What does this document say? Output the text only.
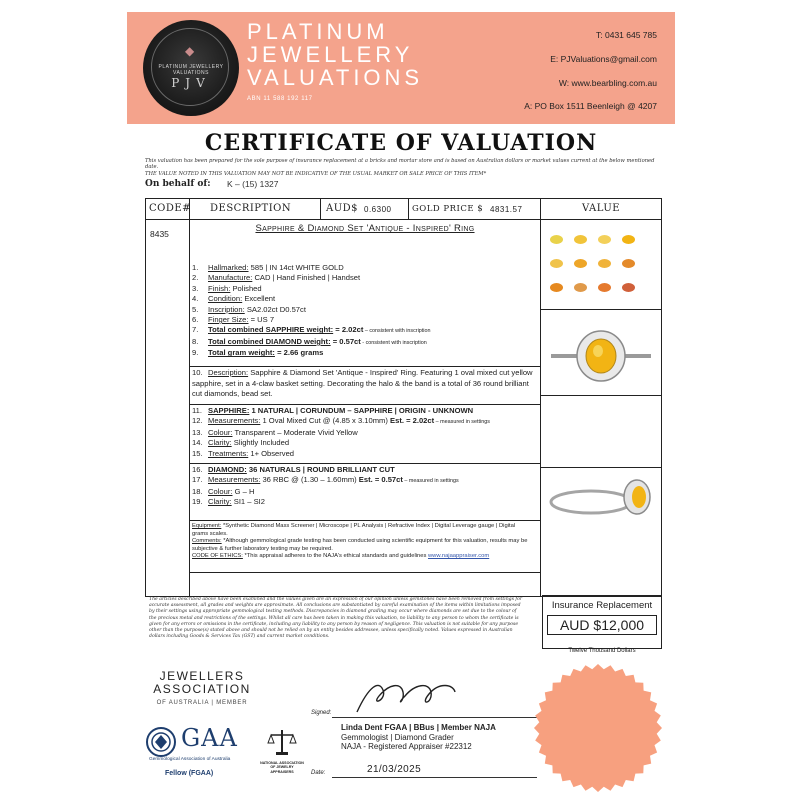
◆
PLATINUM JEWELLERY VALUATIONS
PJV
PLATINUM
JEWELLERY
VALUATIONS
ABN 11 588 192 117
T: 0431 645 785
E: PJValuations@gmail.com
W: www.bearbling.com.au
A: PO Box 1511 Beenleigh @ 4207
CERTIFICATE OF VALUATION
This valuation has been prepared for the sole purpose of insurance replacement at a bricks and mortar store and is based on Australian dollars or market values current at the below mentioned date.
THE VALUE NOTED IN THIS VALUATION MAY NOT BE INDICATIVE OF THE USUAL MARKET OR SALE PRICE OF THIS ITEM*
On behalf of: K – (15) 1327
CODE# DESCRIPTION	AUD$ 0.6300 GOLD PRICE $ 4831.57	VALUE
8435	Sapphire & Diamond Set 'Antique - Inspired' Ring
1. Hallmarked: 585 | IN 14ct WHITE GOLD
2. Manufacture: CAD | Hand Finished | Handset
3. Finish: Polished
4. Condition: Excellent
5. Inscription: SA2.02ct D0.57ct
6. Finger Size: = US 7
7. Total combined SAPPHIRE weight: = 2.02ct – consistent with inscription
8. Total combined DIAMOND weight: = 0.57ct - consistent with inscription
9. Total gram weight: = 2.66 grams
10. Description: Sapphire & Diamond Set 'Antique - Inspired' Ring. Featuring 1 oval mixed cut yellow sapphire, set in a 4-claw basket setting. Decorating the halo & the band is a total of 36 round brilliant cut diamonds, bead set.
11. SAPPHIRE: 1 NATURAL | CORUNDUM – SAPPHIRE | ORIGIN - UNKNOWN
12. Measurements: 1 Oval Mixed Cut @ (4.85 x 3.10mm) Est. = 2.02ct – measured in settings
13. Colour: Transparent – Moderate Vivid Yellow
14. Clarity: Slightly Included
15. Treatments: 1+ Observed
16. DIAMOND: 36 NATURALS | ROUND BRILLIANT CUT
17. Measurements: 36 RBC @ (1.30 – 1.60mm) Est. = 0.57ct – measured in settings
18. Colour: G – H
19. Clarity: SI1 – SI2
Equipment: *Synthetic Diamond Mass Screener | Microscope | PL Analysis | Refractive Index | Digital Leverage gauge | Digital grams scales.
Comments: *Although gemmological grade testing has been conducted using scientific equipment for this valuation, results may be subjective & further laboratory testing may be required.
CODE OF ETHICS: *This appraisal adheres to the NAJA's ethical standards and guidelines www.najaappraiser.com
The articles described above have been examined and the values given are an expression of our opinion unless gemstones have been removed from settings for accurate assessment, all grades and weights are approximate. All conclusions are substantiated by careful examination of the items within limitations imposed by their settings using appropriate gemmological testing methods. Discrepancies in diamond grading may occur where diamonds are set due to the colour of the precious metal and restrictions of the settings. Whilst all care has been taken in making this valuation, no liability to any person to whom the certificate is given for any errors or omissions in the certificate, including any liability to any person by reason of negligence. This valuation is not suitable for any purpose other than the purpose(s) stated above and should not be relied on by an entity besides addressee, unless specifically noted. Values expressed in Australian dollars including Goods & Services Tax (GST) and current market conditions.
Insurance Replacement
AUD $12,000
Twelve Thousand Dollars
JEWELLERS
ASSOCIATION
OF AUSTRALIA | MEMBER
GAA
Gemmological Association of Australia
Fellow (FGAA)
NATIONAL ASSOCIATION OF JEWELRY APPRAISERS
Signed:
Linda Dent FGAA | BBus | Member NAJA
Gemmologist | Diamond Grader
NAJA - Registered Appraiser #22312
Date:	21/03/2025
